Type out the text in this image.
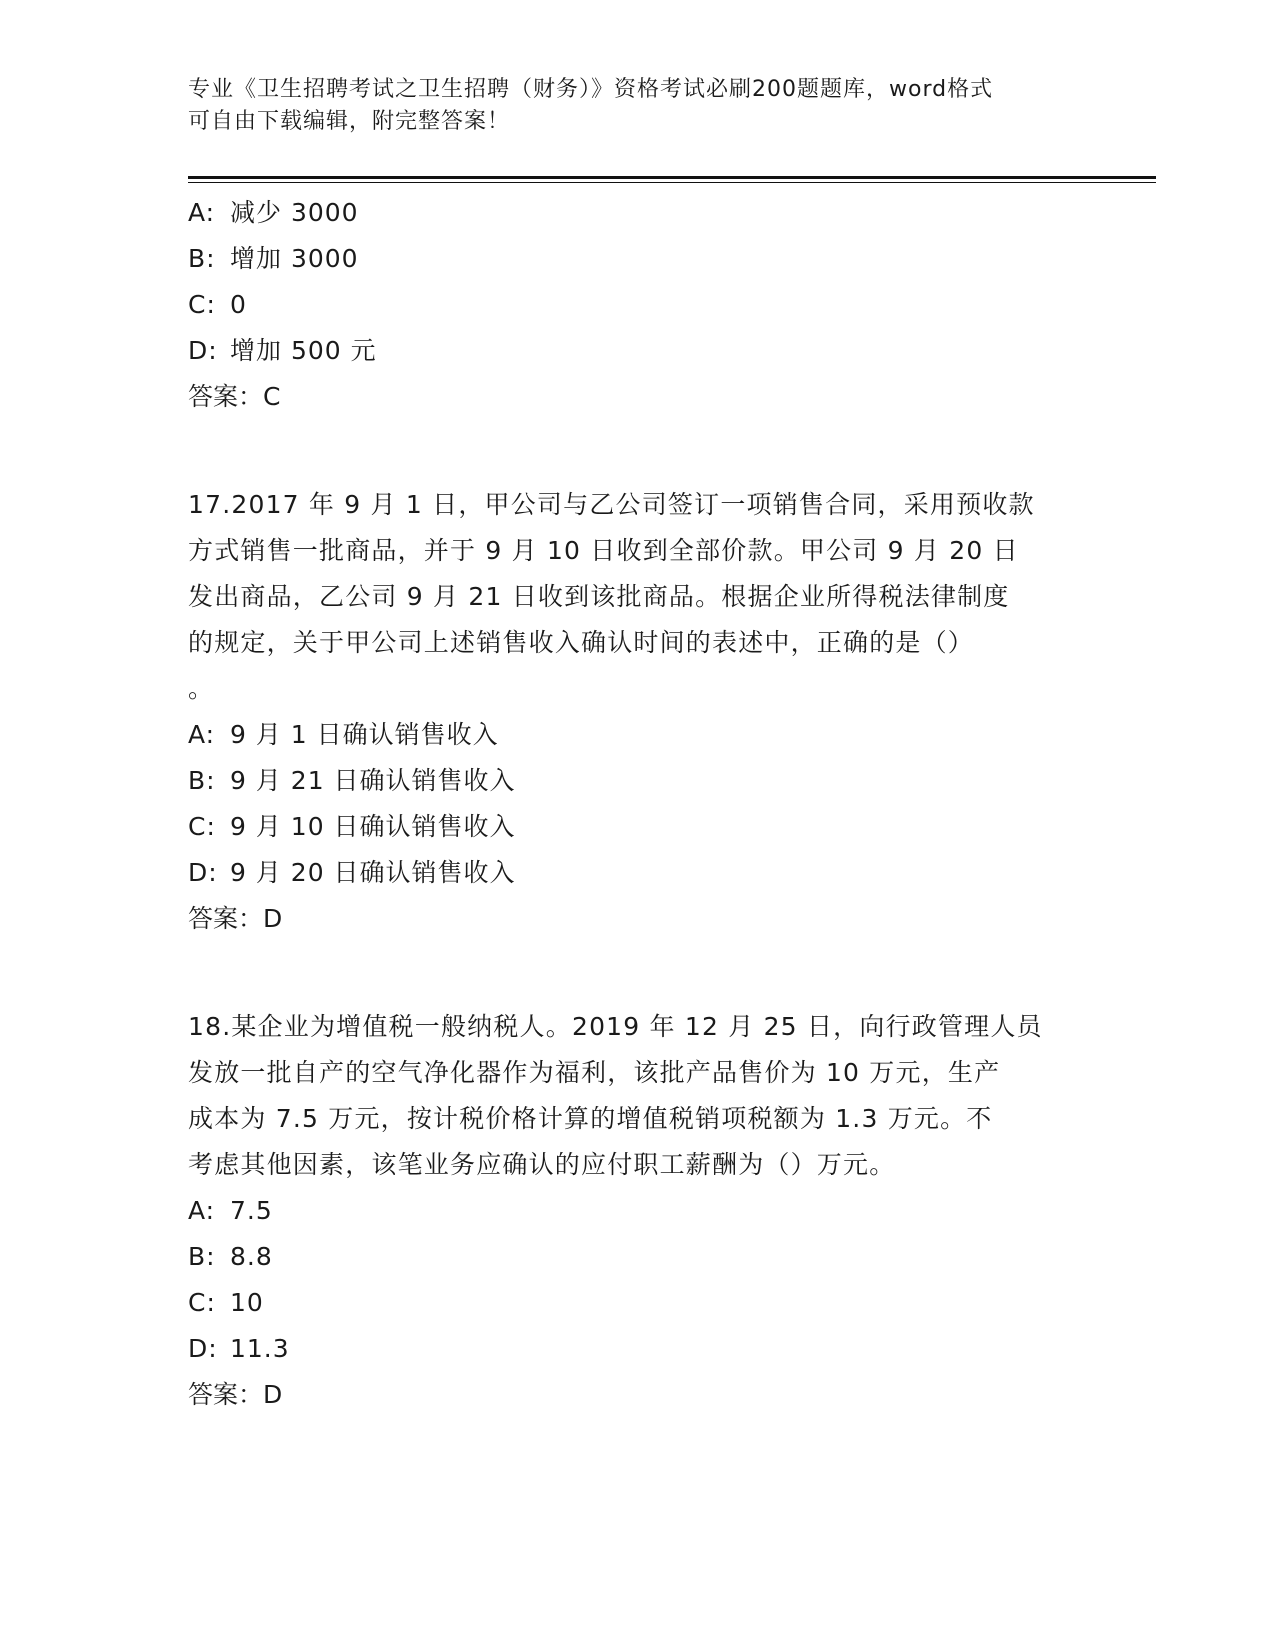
专业《卫生招聘考试之卫生招聘（财务）》资格考试必刷200题题库，word格式
可自由下载编辑，附完整答案！
A: 减少 3000
B: 增加 3000
C: 0
D: 增加 500 元
答案：C
17.2017 年 9 月 1 日，甲公司与乙公司签订一项销售合同，采用预收款
方式销售一批商品，并于 9 月 10 日收到全部价款。甲公司 9 月 20 日
发出商品，乙公司 9 月 21 日收到该批商品。根据企业所得税法律制度
的规定，关于甲公司上述销售收入确认时间的表述中，正确的是（）
。
A: 9 月 1 日确认销售收入
B: 9 月 21 日确认销售收入
C: 9 月 10 日确认销售收入
D: 9 月 20 日确认销售收入
答案：D
18.某企业为增值税一般纳税人。2019 年 12 月 25 日，向行政管理人员
发放一批自产的空气净化器作为福利，该批产品售价为 10 万元，生产
成本为 7.5 万元，按计税价格计算的增值税销项税额为 1.3 万元。不
考虑其他因素，该笔业务应确认的应付职工薪酬为（）万元。
A: 7.5
B: 8.8
C: 10
D: 11.3
答案：D
